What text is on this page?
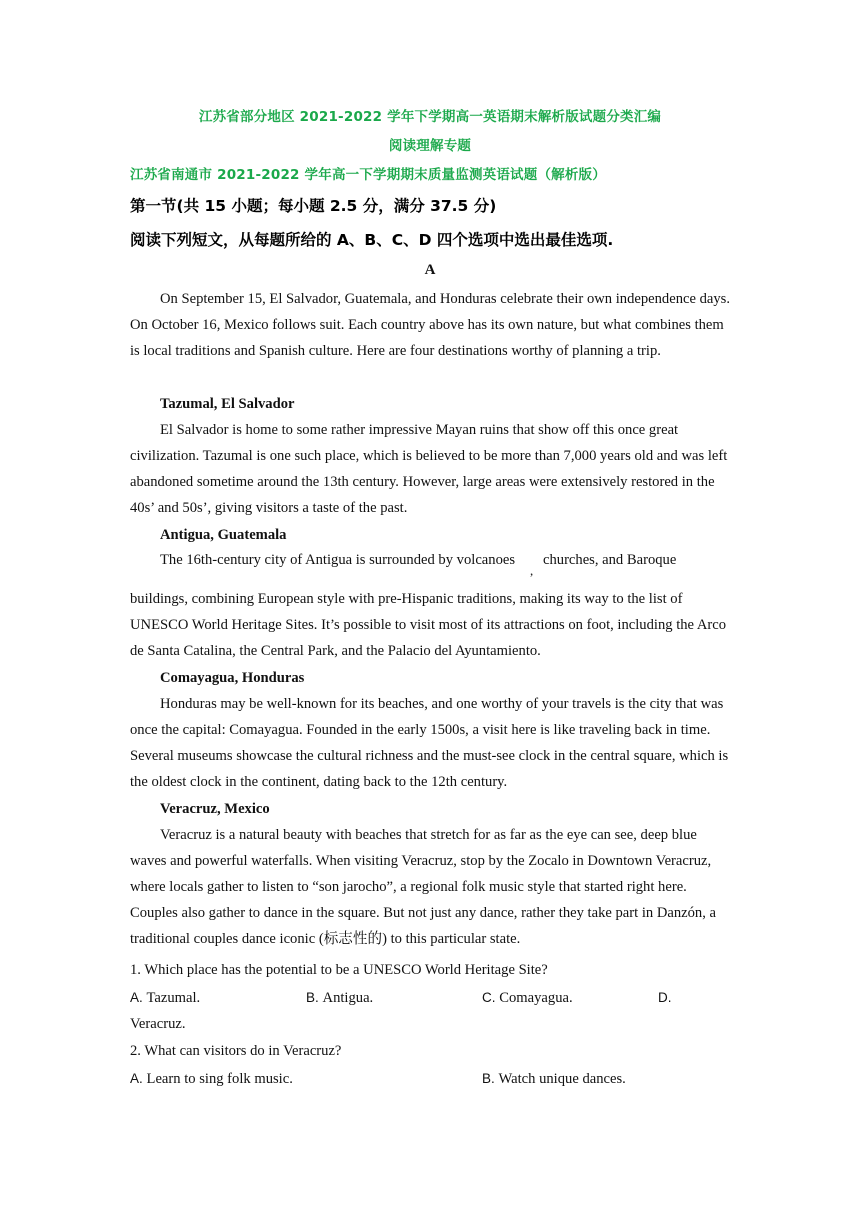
江苏省部分地区 2021-2022 学年下学期高一英语期末解析版试题分类汇编
阅读理解专题
江苏省南通市 2021-2022 学年高一下学期期末质量监测英语试题（解析版）
第一节(共 15 小题；每小题 2.5 分，满分 37.5 分)
阅读下列短文，从每题所给的 A、B、C、D 四个选项中选出最佳选项.
A

On September 15, El Salvador, Guatemala, and Honduras celebrate their own independence days. On October 16, Mexico follows suit. Each country above has its own nature, but what combines them is local traditions and Spanish culture. Here are four destinations worthy of planning a trip.

Tazumal, El Salvador

El Salvador is home to some rather impressive Mayan ruins that show off this once great civilization. Tazumal is one such place, which is believed to be more than 7,000 years old and was left abandoned sometime around the 13th century. However, large areas were extensively restored in the 40s’ and 50s’, giving visitors a taste of the past.

Antigua, Guatemala
The 16th-century city of Antigua is surrounded by volcanoes
,
churches, and Baroque

buildings, combining European style with pre-Hispanic traditions, making its way to the list of UNESCO World Heritage Sites. It’s possible to visit most of its attractions on foot, including the Arco de Santa Catalina, the Central Park, and the Palacio del Ayuntamiento.

Comayagua, Honduras

Honduras may be well-known for its beaches, and one worthy of your travels is the city that was once the capital: Comayagua. Founded in the early 1500s, a visit here is like traveling back in time. Several museums showcase the cultural richness and the must-see clock in the central square, which is the oldest clock in the continent, dating back to the 12th century.

Veracruz, Mexico

Veracruz is a natural beauty with beaches that stretch for as far as the eye can see, deep blue waves and powerful waterfalls. When visiting Veracruz, stop by the Zocalo in Downtown Veracruz, where locals gather to listen to “son jarocho”, a regional folk music style that started right here. Couples also gather to dance in the square. But not just any dance, rather they take part in Danzón, a traditional couples dance iconic (标志性的) to this particular state.

1. Which place has the potential to be a UNESCO World Heritage Site?
A. Tazumal.	B. Antigua.	C. Comayagua.	D.
Veracruz.
2. What can visitors do in Veracruz?
A. Learn to sing folk music.	B. Watch unique dances.
